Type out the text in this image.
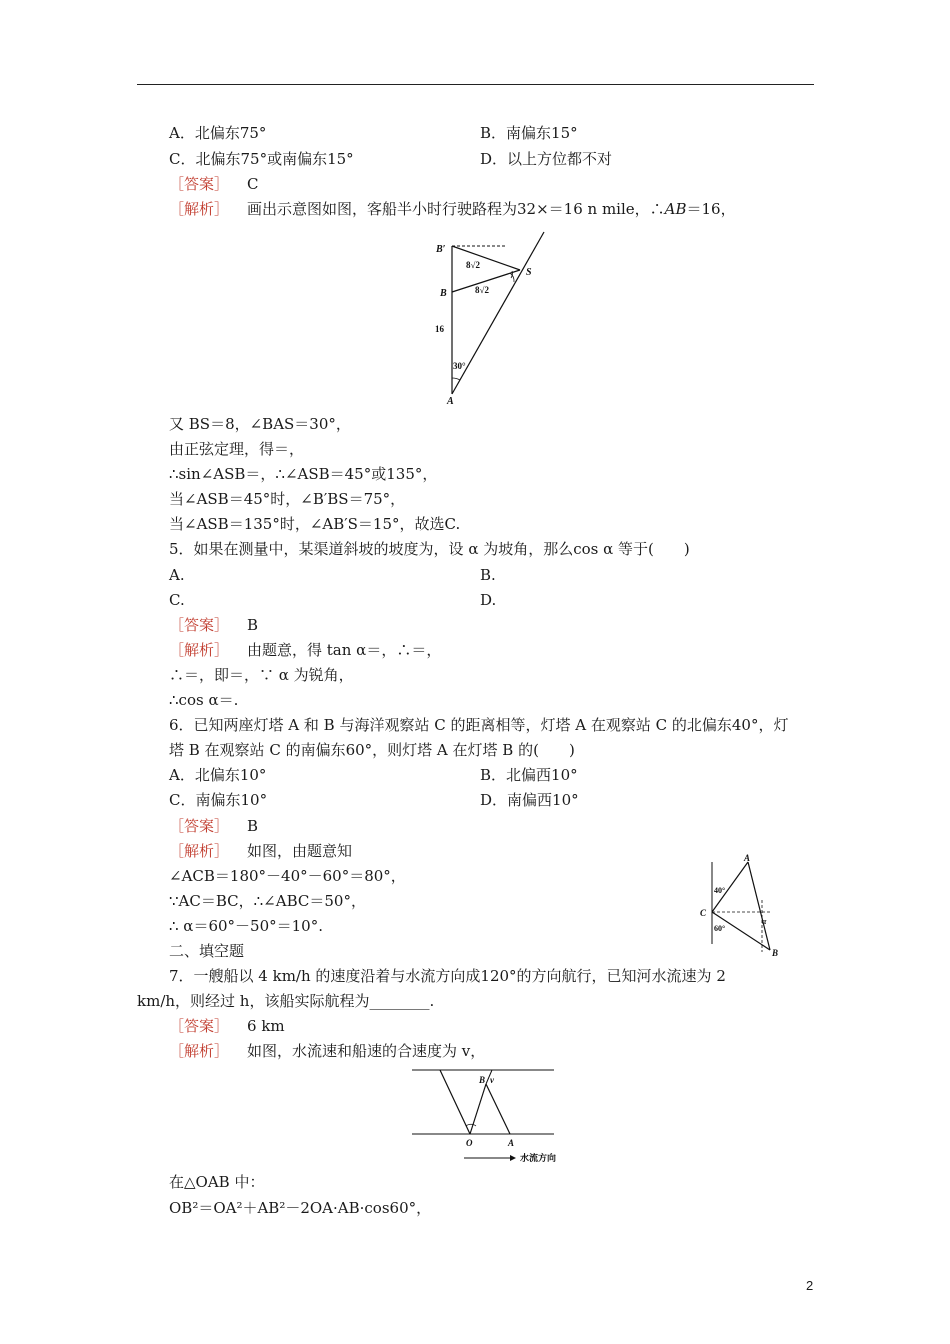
A．北偏东75°	B．南偏东15°
C．北偏东75°或南偏东15°	D．以上方位都不对
［答案］ C
［解析］ 画出示意图如图，客船半小时行驶路程为32×＝16 n mile，∴AB＝16，
B′
B
S
A
8√2
8√2
16
30°
又 BS＝8，∠BAS＝30°，
由正弦定理，得＝，
∴sin∠ASB＝，∴∠ASB＝45°或135°，
当∠ASB＝45°时，∠B′BS＝75°，
当∠ASB＝135°时，∠AB′S＝15°，故选C.
5．如果在测量中，某渠道斜坡的坡度为，设 α 为坡角，那么cos α 等于(　　)
A.	B.
C.	D.
［答案］ B
［解析］ 由题意，得 tan α＝，∴＝，
∴＝，即＝，∵ α 为锐角，
∴cos α＝.
6．已知两座灯塔 A 和 B 与海洋观察站 C 的距离相等，灯塔 A 在观察站 C 的北偏东40°，灯
塔 B 在观察站 C 的南偏东60°，则灯塔 A 在灯塔 B 的(　　)
A．北偏东10°	B．北偏西10°
C．南偏东10°	D．南偏西10°
［答案］ B
［解析］ 如图，由题意知
∠ACB＝180°－40°－60°＝80°，
∵AC＝BC，∴∠ABC＝50°，
∴ α＝60°－50°＝10°.
A
C
B
40°
60°
α
二、填空题
7．一艘船以 4 km/h 的速度沿着与水流方向成120°的方向航行，已知河水流速为 2
km/h，则经过 h，该船实际航程为________.
［答案］ 6 km
［解析］ 如图，水流速和船速的合速度为 v，
O	A
B v
水流方向
在△OAB 中：
OB²＝OA²＋AB²－2OA·AB·cos60°，
2
